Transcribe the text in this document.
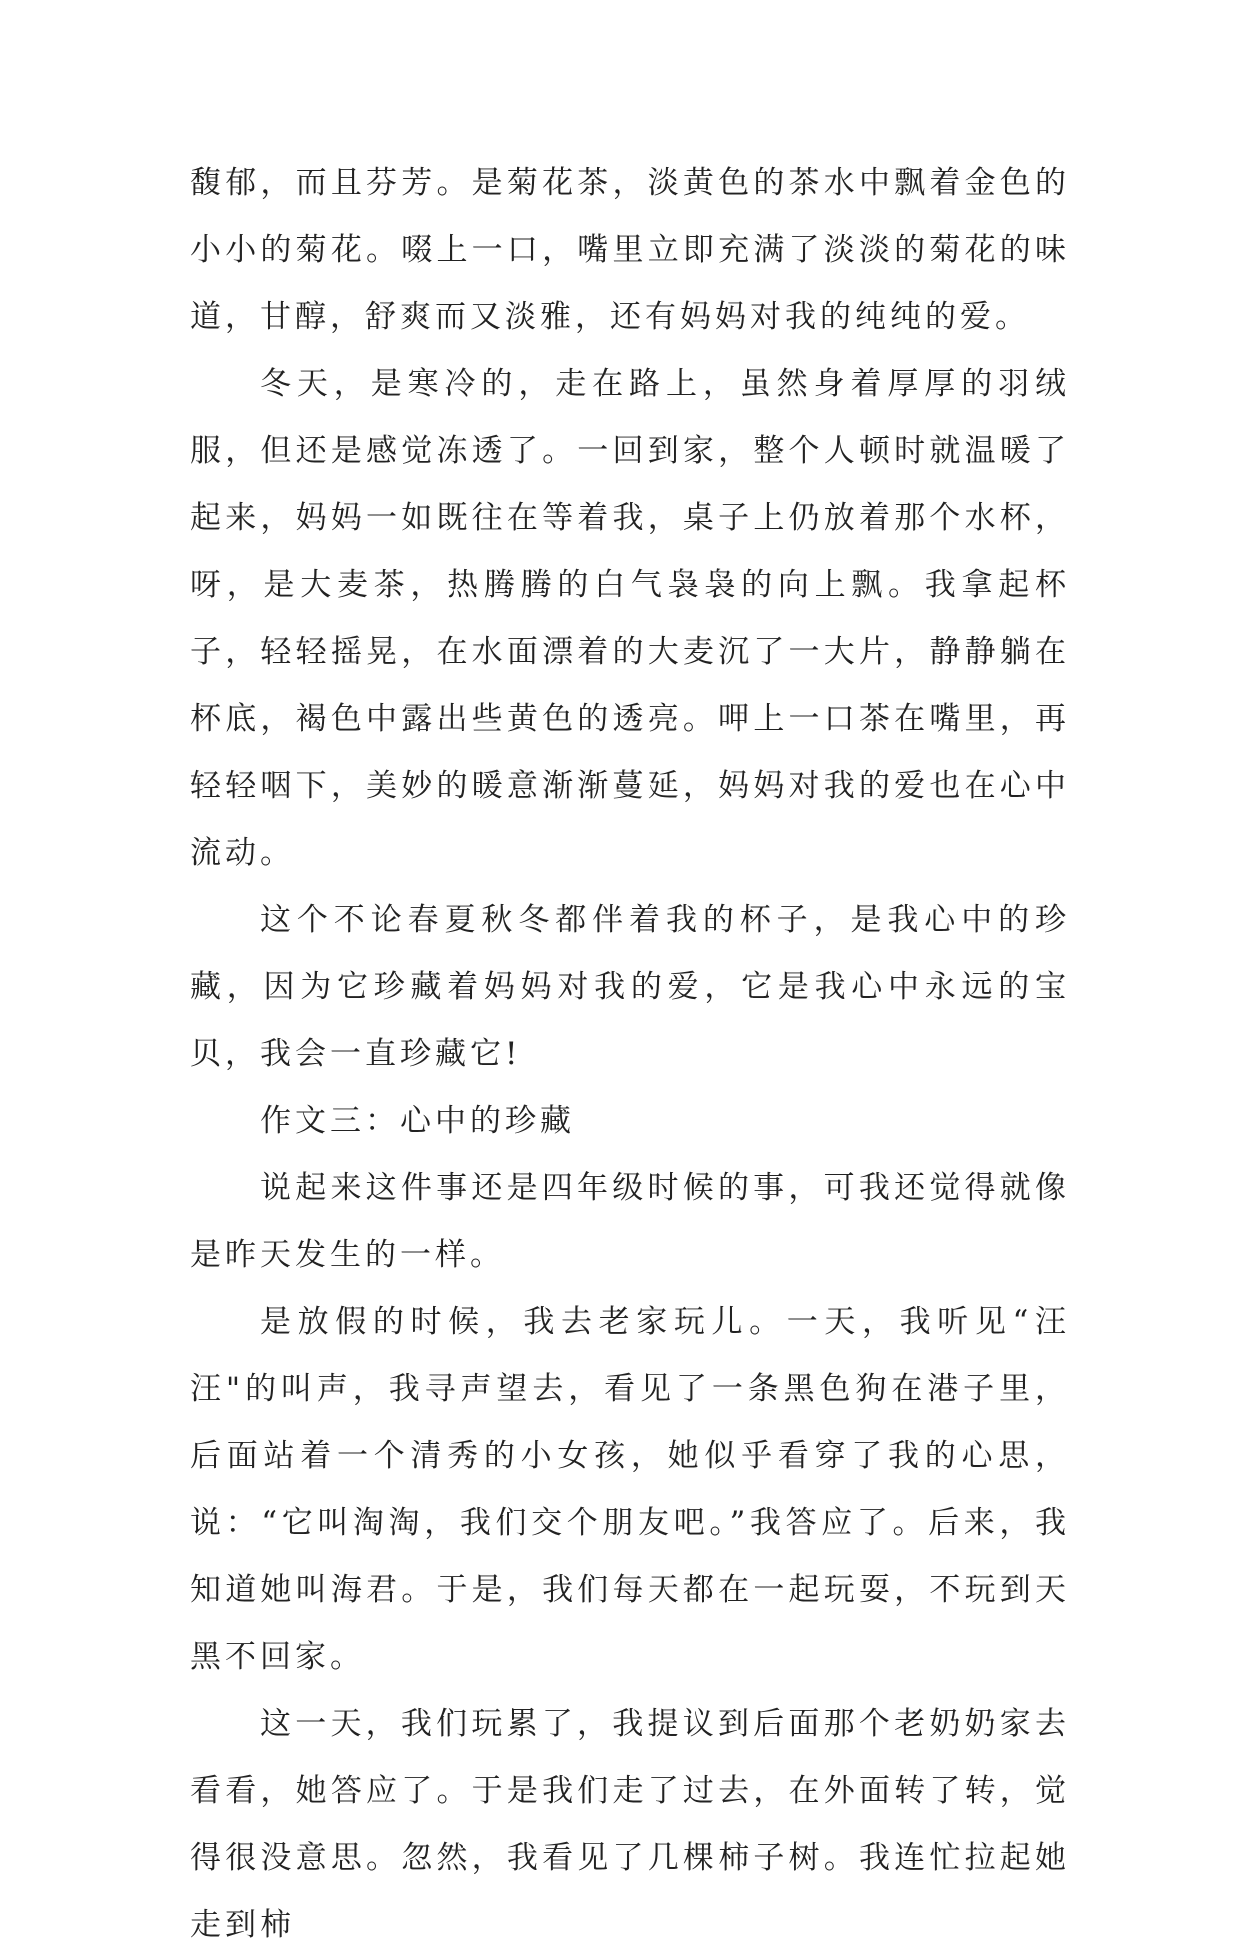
馥郁，而且芬芳。是菊花茶，淡黄色的茶水中飘着金色的小小的菊花。啜上一口，嘴里立即充满了淡淡的菊花的味道，甘醇，舒爽而又淡雅，还有妈妈对我的纯纯的爱。

冬天，是寒冷的，走在路上，虽然身着厚厚的羽绒服，但还是感觉冻透了。一回到家，整个人顿时就温暖了起来，妈妈一如既往在等着我，桌子上仍放着那个水杯，呀，是大麦茶，热腾腾的白气袅袅的向上飘。我拿起杯子，轻轻摇晃，在水面漂着的大麦沉了一大片，静静躺在杯底，褐色中露出些黄色的透亮。呷上一口茶在嘴里，再轻轻咽下，美妙的暖意渐渐蔓延，妈妈对我的爱也在心中流动。

这个不论春夏秋冬都伴着我的杯子，是我心中的珍藏，因为它珍藏着妈妈对我的爱，它是我心中永远的宝贝，我会一直珍藏它!

作文三：心中的珍藏

说起来这件事还是四年级时候的事，可我还觉得就像是昨天发生的一样。

是放假的时候，我去老家玩儿。一天，我听见“汪汪"的叫声，我寻声望去，看见了一条黑色狗在港子里，后面站着一个清秀的小女孩，她似乎看穿了我的心思，说：“它叫淘淘，我们交个朋友吧。”我答应了。后来，我知道她叫海君。于是，我们每天都在一起玩耍，不玩到天黑不回家。

这一天，我们玩累了，我提议到后面那个老奶奶家去看看，她答应了。于是我们走了过去，在外面转了转，觉得很没意思。忽然，我看见了几棵柿子树。我连忙拉起她走到柿
